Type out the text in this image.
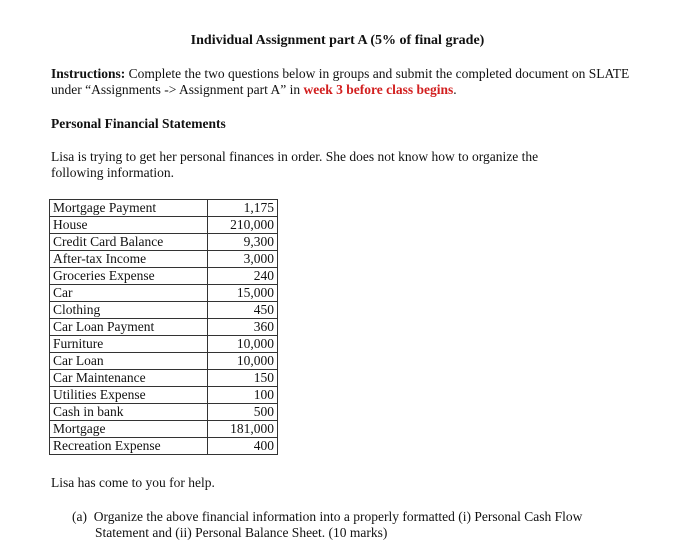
Individual Assignment part A (5% of final grade)
Instructions: Complete the two questions below in groups and submit the completed document on SLATE under “Assignments -> Assignment part A” in week 3 before class begins.
Personal Financial Statements
Lisa is trying to get her personal finances in order. She does not know how to organize the following information.
Mortgage Payment	1,175
House	210,000
Credit Card Balance	9,300
After-tax Income	3,000
Groceries Expense	240
Car	15,000
Clothing	450
Car Loan Payment	360
Furniture	10,000
Car Loan	10,000
Car Maintenance	150
Utilities Expense	100
Cash in bank	500
Mortgage	181,000
Recreation Expense	400
Lisa has come to you for help.
(a) Organize the above financial information into a properly formatted (i) Personal Cash Flow Statement and (ii) Personal Balance Sheet. (10 marks)
